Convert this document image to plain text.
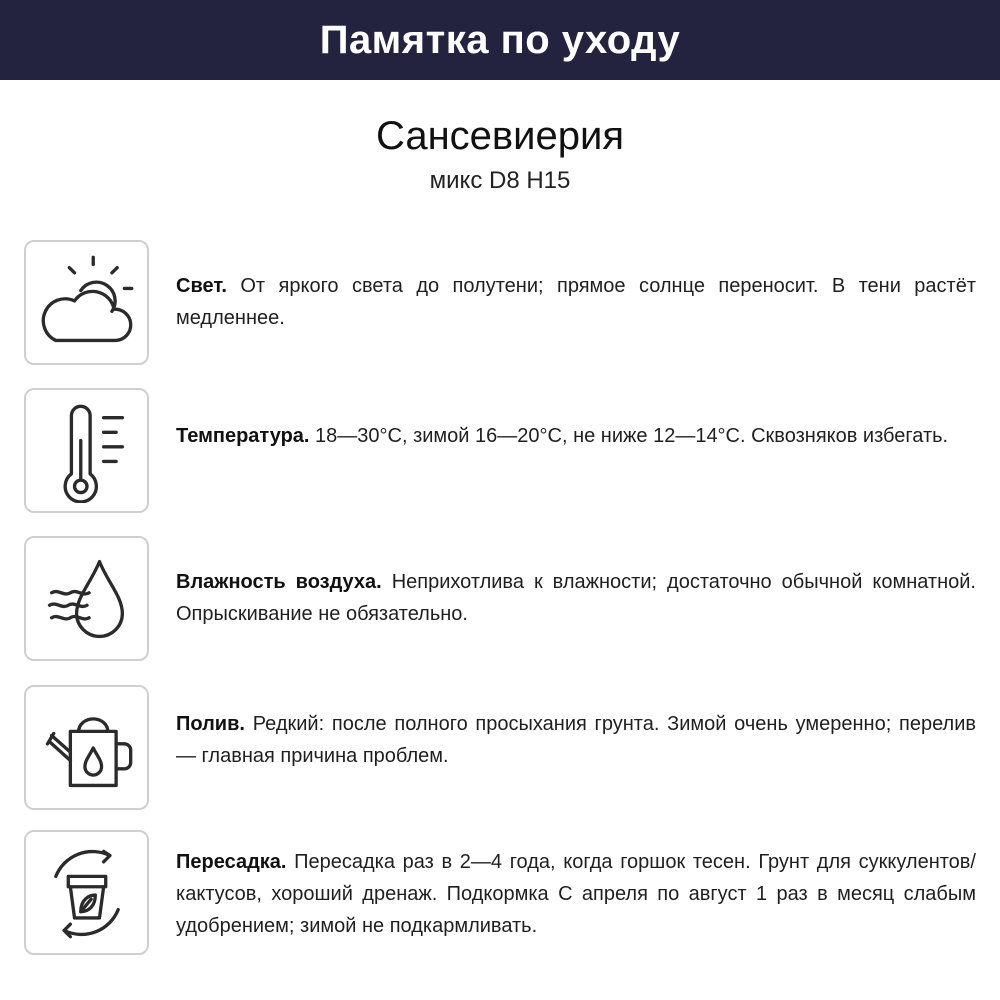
Памятка по уходу
Сансевиерия
микс D8 H15
Свет. От яркого света до полутени; прямое солнце переносит. В тени растёт медленнее.
Температура. 18—30°C, зимой 16—20°C, не ниже 12—14°C. Сквозняков избегать.
Влажность воздуха. Неприхотлива к влажности; достаточно обычной комнатной. Опрыскивание не обязательно.
Полив. Редкий: после полного просыхания грунта. Зимой очень умеренно; перелив — главная причина проблем.
Пересадка. Пересадка раз в 2—4 года, когда горшок тесен. Грунт для суккулентов/кактусов, хороший дренаж. Подкормка С апреля по август 1 раз в месяц слабым удобрением; зимой не подкармливать.
